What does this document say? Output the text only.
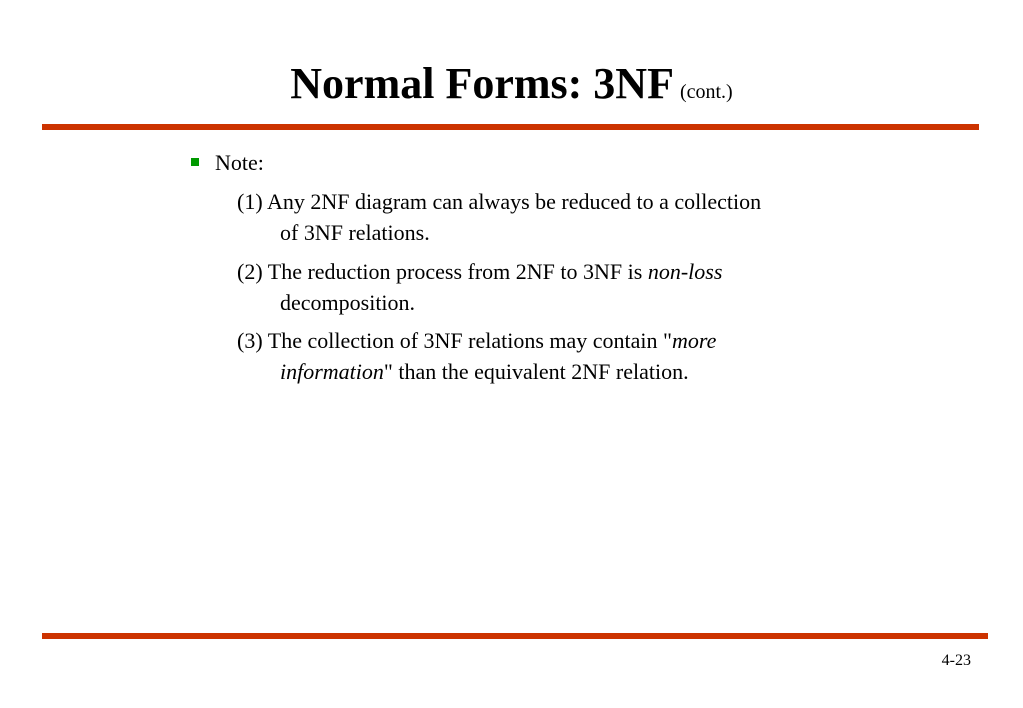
Normal Forms: 3NF (cont.)
Note:
(1) Any 2NF diagram can always be reduced to a collection
of 3NF relations.
(2) The reduction process from 2NF to 3NF is non-loss
decomposition.
(3) The collection of 3NF relations may contain "more
information" than the equivalent 2NF relation.
4-23
